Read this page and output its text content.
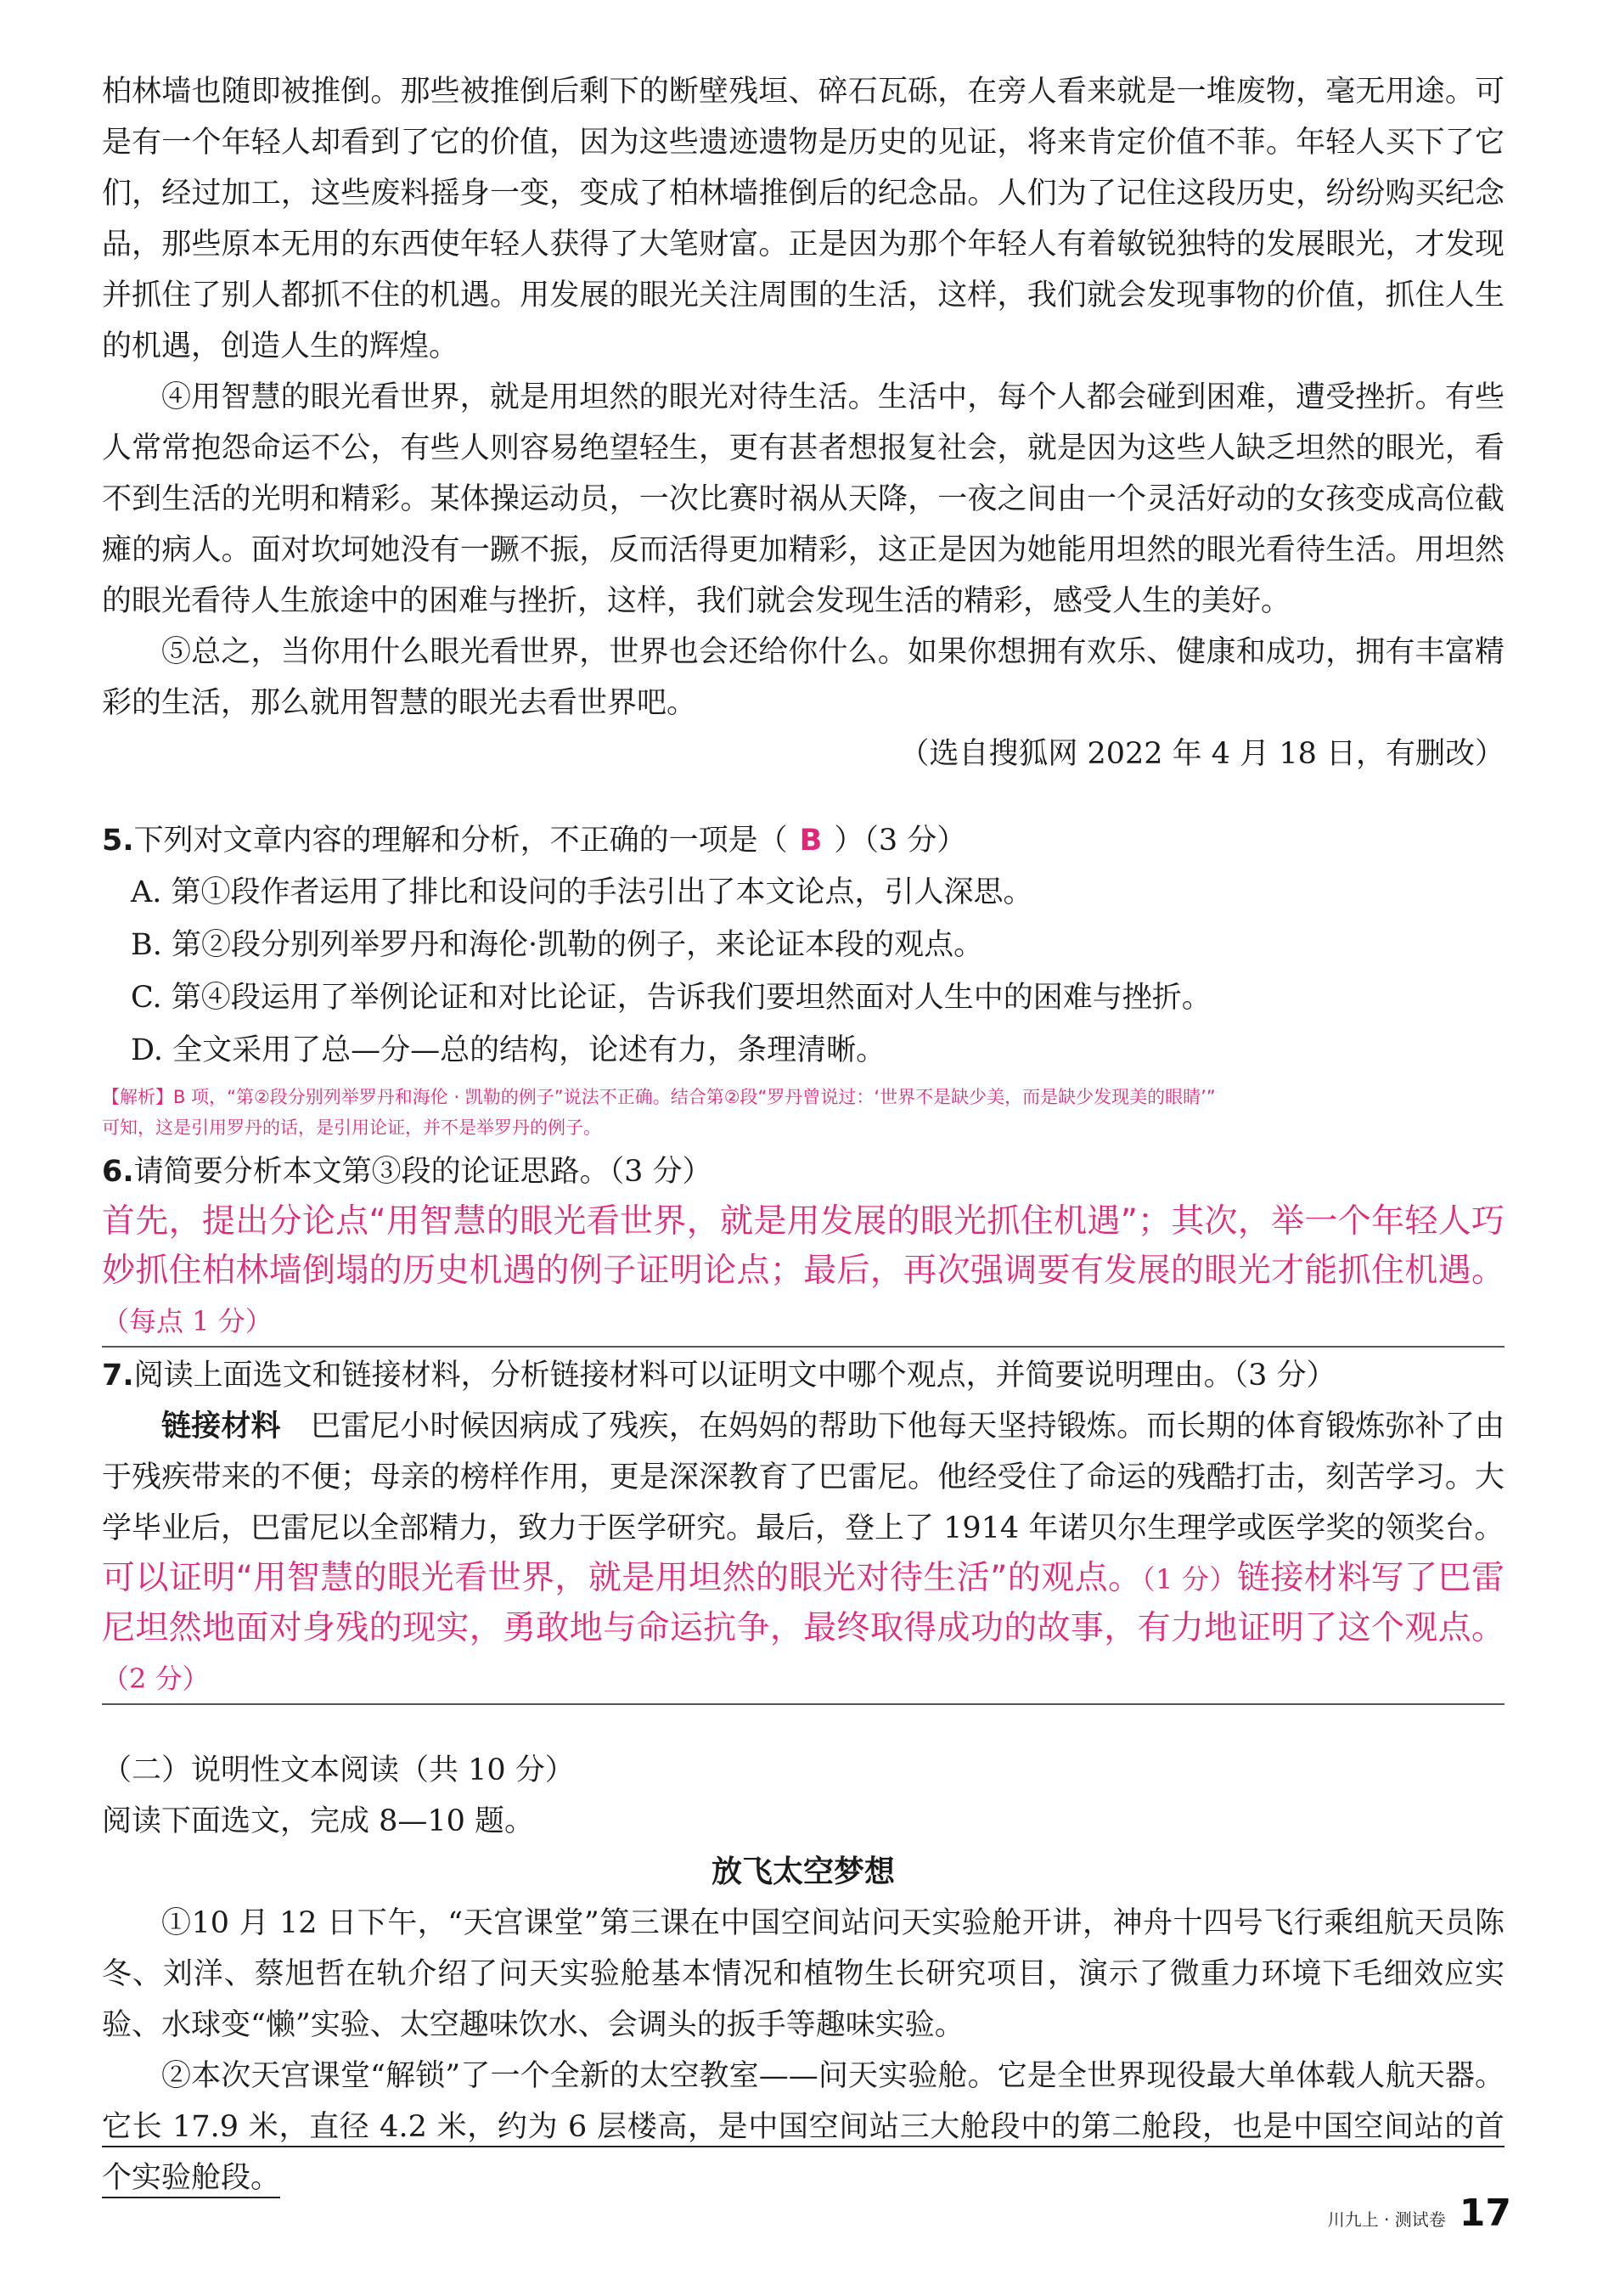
柏林墙也随即被推倒。那些被推倒后剩下的断壁残垣、碎石瓦砾，在旁人看来就是一堆废物，毫无用途。可是有一个年轻人却看到了它的价值，因为这些遗迹遗物是历史的见证，将来肯定价值不菲。年轻人买下了它们，经过加工，这些废料摇身一变，变成了柏林墙推倒后的纪念品。人们为了记住这段历史，纷纷购买纪念品，那些原本无用的东西使年轻人获得了大笔财富。正是因为那个年轻人有着敏锐独特的发展眼光，才发现并抓住了别人都抓不住的机遇。用发展的眼光关注周围的生活，这样，我们就会发现事物的价值，抓住人生的机遇，创造人生的辉煌。

④用智慧的眼光看世界，就是用坦然的眼光对待生活。生活中，每个人都会碰到困难，遭受挫折。有些人常常抱怨命运不公，有些人则容易绝望轻生，更有甚者想报复社会，就是因为这些人缺乏坦然的眼光，看不到生活的光明和精彩。某体操运动员，一次比赛时祸从天降，一夜之间由一个灵活好动的女孩变成高位截瘫的病人。面对坎坷她没有一蹶不振，反而活得更加精彩，这正是因为她能用坦然的眼光看待生活。用坦然的眼光看待人生旅途中的困难与挫折，这样，我们就会发现生活的精彩，感受人生的美好。

⑤总之，当你用什么眼光看世界，世界也会还给你什么。如果你想拥有欢乐、健康和成功，拥有丰富精彩的生活，那么就用智慧的眼光去看世界吧。

（选自搜狐网 2022 年 4 月 18 日，有删改）

5.下列对文章内容的理解和分析，不正确的一项是（ B ）（3 分）

A. 第①段作者运用了排比和设问的手法引出了本文论点，引人深思。

B. 第②段分别列举罗丹和海伦·凯勒的例子，来论证本段的观点。

C. 第④段运用了举例论证和对比论证，告诉我们要坦然面对人生中的困难与挫折。

D. 全文采用了总—分—总的结构，论述有力，条理清晰。

【解析】B 项，“第②段分别列举罗丹和海伦 · 凯勒的例子”说法不正确。结合第②段“罗丹曾说过：‘世界不是缺少美，而是缺少发现美的眼睛’”

可知，这是引用罗丹的话，是引用论证，并不是举罗丹的例子。

6.请简要分析本文第③段的论证思路。（3 分）

首先，提出分论点“用智慧的眼光看世界，就是用发展的眼光抓住机遇”；其次，举一个年轻人巧妙抓住柏林墙倒塌的历史机遇的例子证明论点；最后，再次强调要有发展的眼光才能抓住机遇。（每点 1 分）

7.阅读上面选文和链接材料，分析链接材料可以证明文中哪个观点，并简要说明理由。（3 分）

链接材料　 巴雷尼小时候因病成了残疾，在妈妈的帮助下他每天坚持锻炼。而长期的体育锻炼弥补了由于残疾带来的不便；母亲的榜样作用，更是深深教育了巴雷尼。他经受住了命运的残酷打击，刻苦学习。大学毕业后，巴雷尼以全部精力，致力于医学研究。最后，登上了 1914 年诺贝尔生理学或医学奖的领奖台。

可以证明“用智慧的眼光看世界，就是用坦然的眼光对待生活”的观点。（1 分）链接材料写了巴雷尼坦然地面对身残的现实，勇敢地与命运抗争，最终取得成功的故事，有力地证明了这个观点。（2 分）

（二）说明性文本阅读（共 10 分）

阅读下面选文，完成 8—10 题。

放飞太空梦想

①10 月 12 日下午，“天宫课堂”第三课在中国空间站问天实验舱开讲，神舟十四号飞行乘组航天员陈冬、刘洋、蔡旭哲在轨介绍了问天实验舱基本情况和植物生长研究项目，演示了微重力环境下毛细效应实验、水球变“懒”实验、太空趣味饮水、会调头的扳手等趣味实验。

②本次天宫课堂“解锁”了一个全新的太空教室——问天实验舱。它是全世界现役最大单体载人航天器。它长 17.9 米，直径 4.2 米，约为 6 层楼高，是中国空间站三大舱段中的第二舱段，也是中国空间站的首个实验舱段。

川九上 · 测试卷 17
